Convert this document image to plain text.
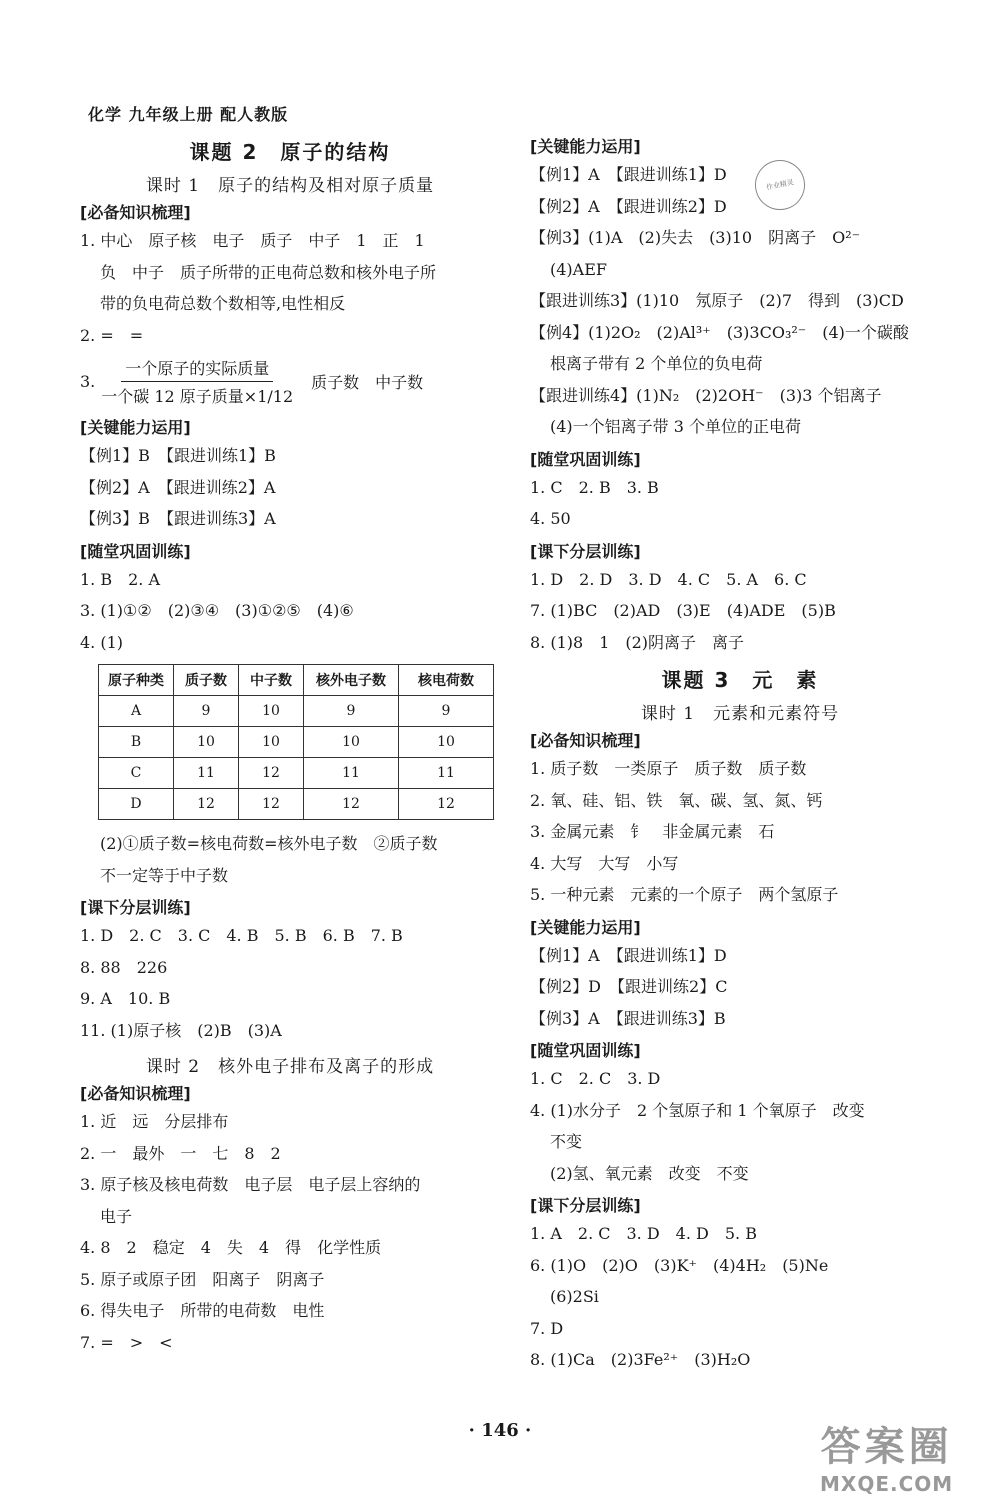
化学 九年级上册 配人教版
课题 2　原子的结构
课时 1　原子的结构及相对原子质量
[必备知识梳理]
1. 中心　原子核　电子　质子　中子　1　正　1
负　中子　质子所带的正电荷总数和核外电子所
带的负电荷总数个数相等,电性相反
2. =　=
3. $\frac{\text{一个原子的实际质量}}{\text{一个碳 12 原子质量×1/12}}$ 质子数　中子数
[关键能力运用]
【例1】B　【跟进训练1】B
【例2】A　【跟进训练2】A
【例3】B　【跟进训练3】A
[随堂巩固训练]
1. B　2. A
3. (1)①②　(2)③④　(3)①②⑤　(4)⑥
4. (1)
原子种类	质子数	中子数	核外电子数	核电荷数
A	9	10	9	9
B	10	10	10	10
C	11	12	11	11
D	12	12	12	12
(2)①质子数=核电荷数=核外电子数　②质子数
不一定等于中子数
[课下分层训练]
1. D　2. C　3. C　4. B　5. B　6. B　7. B
8. 88　226
9. A　10. B
11. (1)原子核　(2)B　(3)A
课时 2　核外电子排布及离子的形成
[必备知识梳理]
1. 近　远　分层排布
2. 一　最外　一　七　8　2
3. 原子核及核电荷数　电子层　电子层上容纳的
电子
4. 8　2　稳定　4　失　4　得　化学性质
5. 原子或原子团　阳离子　阴离子
6. 得失电子　所带的电荷数　电性
7. =　>　<
[关键能力运用]
【例1】A　【跟进训练1】D
【例2】A　【跟进训练2】D
【例3】(1)A　(2)失去　(3)10　阴离子　O²⁻
(4)AEF
【跟进训练3】(1)10　氖原子　(2)7　得到　(3)CD
【例4】(1)2O₂　(2)Al³⁺　(3)3CO₃²⁻　(4)一个碳酸
根离子带有 2 个单位的负电荷
【跟进训练4】(1)N₂　(2)2OH⁻　(3)3 个铝离子
(4)一个铝离子带 3 个单位的正电荷
[随堂巩固训练]
1. C　2. B　3. B
4. 50
[课下分层训练]
1. D　2. D　3. D　4. C　5. A　6. C
7. (1)BC　(2)AD　(3)E　(4)ADE　(5)B
8. (1)8　1　(2)阴离子　离子
课题 3　元　素
课时 1　元素和元素符号
[必备知识梳理]
1. 质子数　一类原子　质子数　质子数
2. 氧、硅、铝、铁　氧、碳、氢、氮、钙
3. 金属元素　钅　非金属元素　石
4. 大写　大写　小写
5. 一种元素　元素的一个原子　两个氢原子
[关键能力运用]
【例1】A　【跟进训练1】D
【例2】D　【跟进训练2】C
【例3】A　【跟进训练3】B
[随堂巩固训练]
1. C　2. C　3. D
4. (1)水分子　2 个氢原子和 1 个氧原子　改变
不变
(2)氢、氧元素　改变　不变
[课下分层训练]
1. A　2. C　3. D　4. D　5. B
6. (1)O　(2)O　(3)K⁺　(4)4H₂　(5)Ne
(6)2Si
7. D
8. (1)Ca　(2)3Fe²⁺　(3)H₂O
作业精灵
· 146 ·	答案圈
MXQE.COM
